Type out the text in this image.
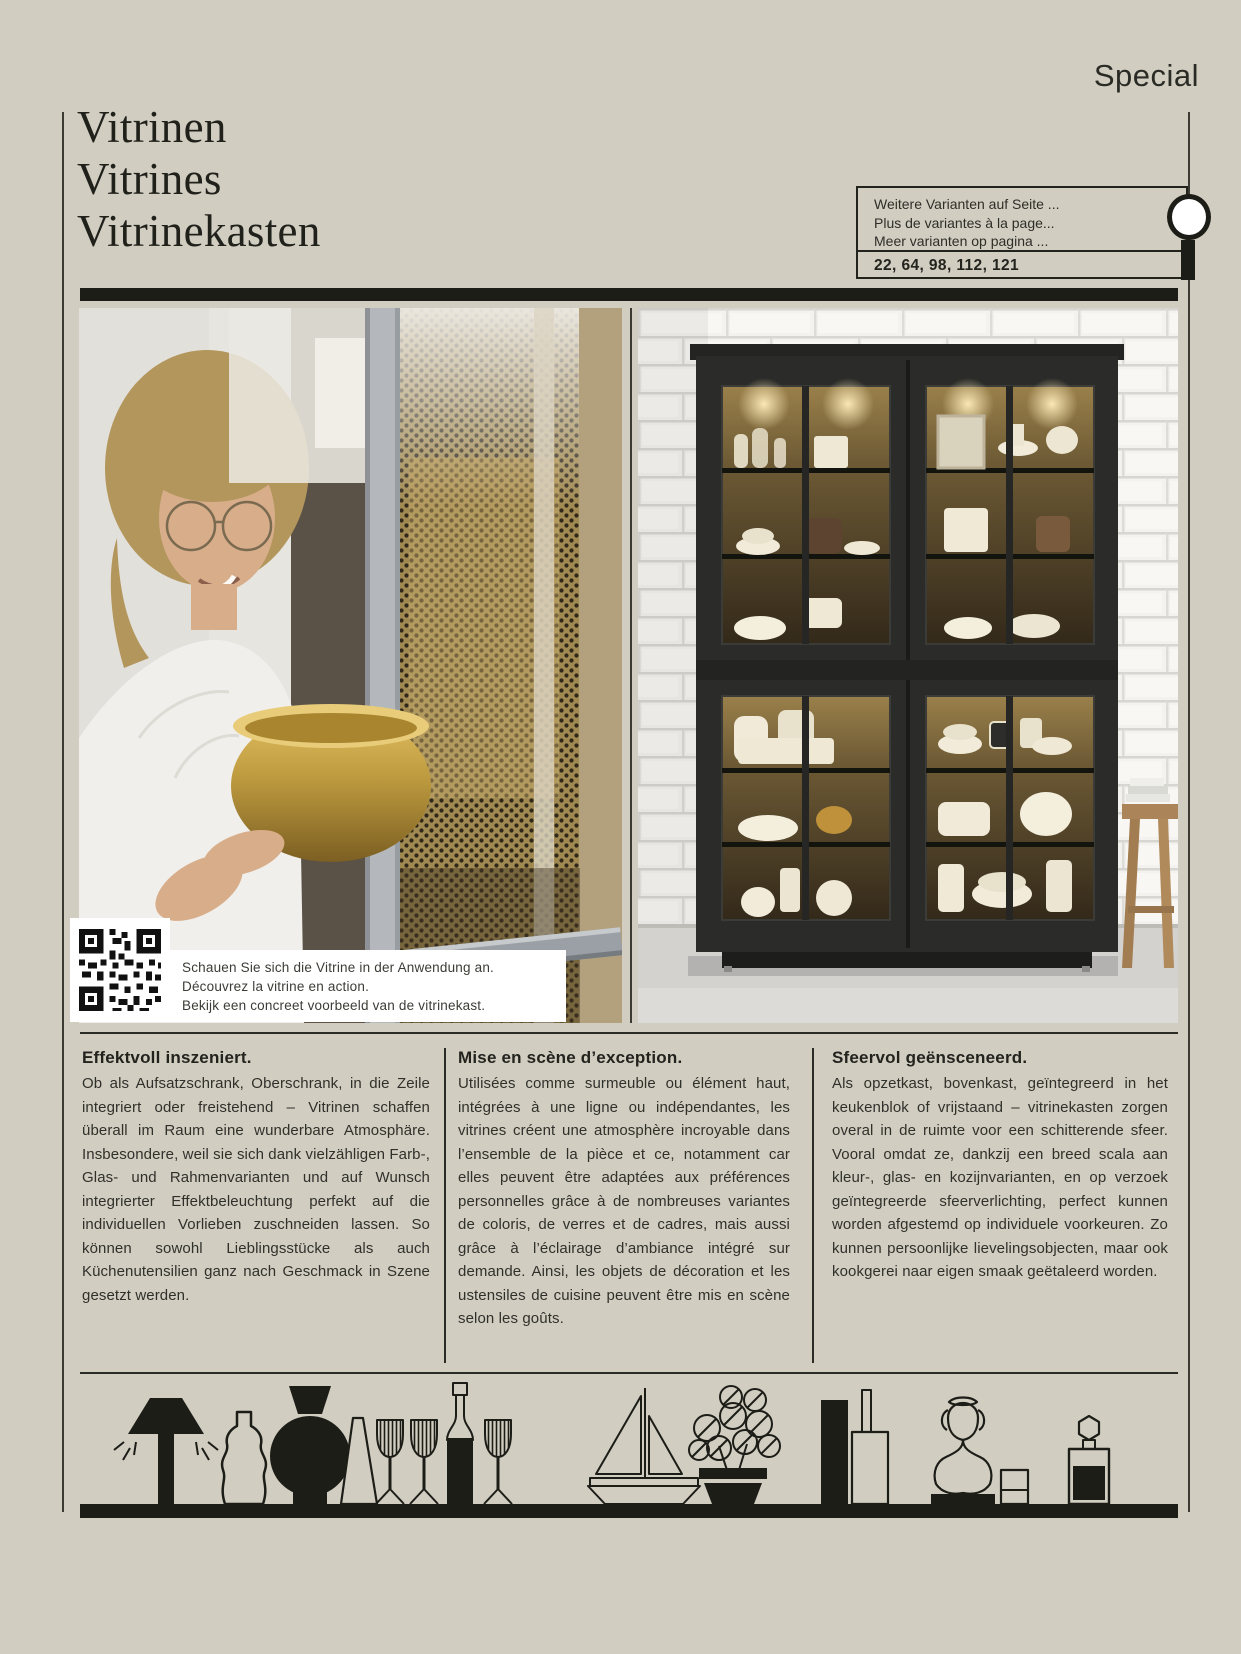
Special
Vitrinen
Vitrines
Vitrinekasten
Weitere Varianten auf Seite ...
Plus de variantes à la page...
Meer varianten op pagina ...
22, 64, 98, 112, 121
Schauen Sie sich die Vitrine in der Anwendung an.
Découvrez la vitrine en action.
Bekijk een concreet voorbeeld van de vitrinekast.
Effektvoll inszeniert.

Ob als Aufsatzschrank, Oberschrank, in die Zeile integriert oder freistehend – Vitrinen schaffen überall im Raum eine wunderbare Atmosphäre. Insbesondere, weil sie sich dank vielzähligen Farb-, Glas- und Rahmenvarianten und auf Wunsch integrierter Effektbeleuchtung perfekt auf die individuellen Vorlieben zuschneiden lassen. So können sowohl Lieblingsstücke als auch Küchenutensilien ganz nach Geschmack in Szene gesetzt werden.

Mise en scène d’exception.

Utilisées comme surmeuble ou élément haut, intégrées à une ligne ou indépendantes, les vitrines créent une atmosphère incroyable dans l’ensemble de la pièce et ce, notamment car elles peuvent être adaptées aux préférences personnelles grâce à de nombreuses variantes de coloris, de verres et de cadres, mais aussi grâce à l’éclairage d’ambiance intégré sur demande. Ainsi, les objets de décoration et les ustensiles de cuisine peuvent être mis en scène selon les goûts.

Sfeervol geënsceneerd.

Als opzetkast, bovenkast, geïntegreerd in het keukenblok of vrijstaand – vitrinekasten zorgen overal in de ruimte voor een schitterende sfeer. Vooral omdat ze, dankzij een breed scala aan kleur-, glas- en kozijnvarianten, en op verzoek geïntegreerde sfeerverlichting, perfect kunnen worden afgestemd op individuele voorkeuren. Zo kunnen persoonlijke lievelingsobjecten, maar ook kookgerei naar eigen smaak geëtaleerd worden.
